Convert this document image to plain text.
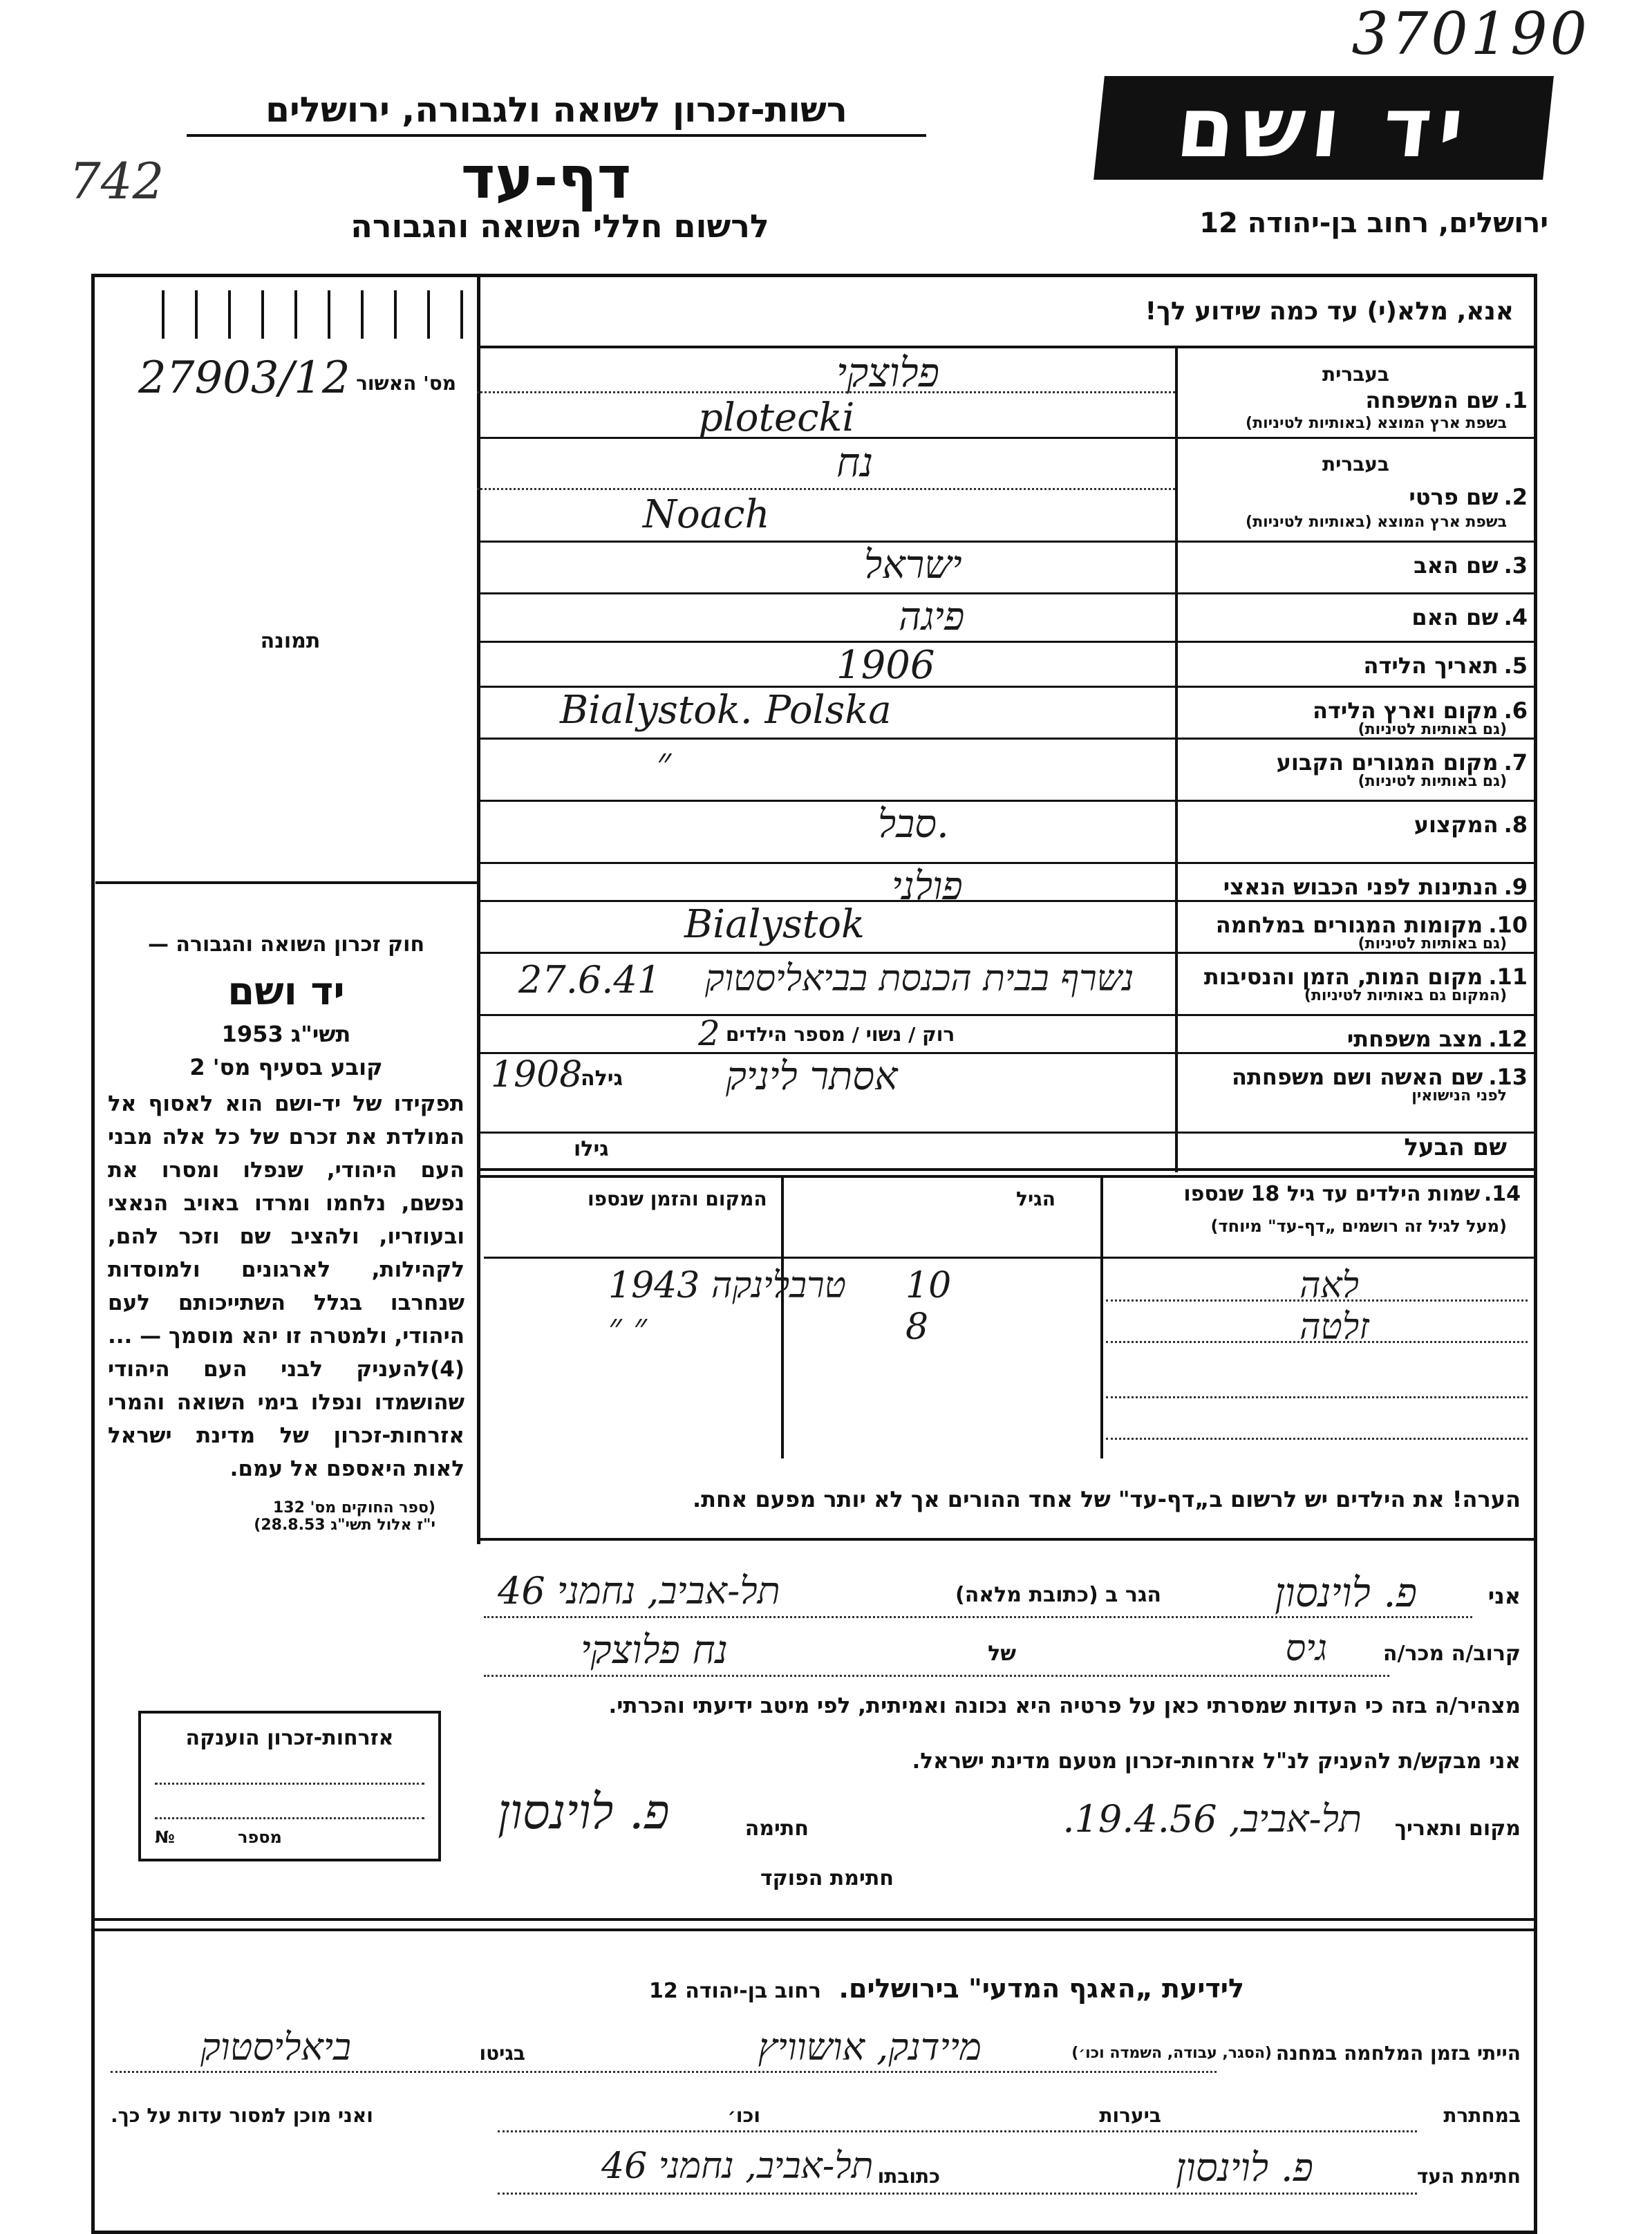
370190
742
רשות-זכרון לשואה ולגבורה, ירושלים
דף-עד
לרשום חללי השואה והגבורה
יד ושם
ירושלים, רחוב בן-יהודה 12
אנא, מלא(י) עד כמה שידוע לך!
מס' האשור
27903/12
תמונה
חוק זכרון השואה והגבורה —
יד ושם
תשי"ג 1953
קובע בסעיף מס' 2
תפקידו של יד-ושם הוא לאסוף אל המולדת את זכרם של כל אלה מבני העם היהודי, שנפלו ומסרו את נפשם, נלחמו ומרדו באויב הנאצי ובעוזריו, ולהציב שם וזכר להם, לקהילות, לארגונים ולמוסדות שנחרבו בגלל השתייכותם לעם היהודי, ולמטרה זו יהא מוסמך — ...(4)להעניק לבני העם היהודי שהושמדו ונפלו בימי השואה והמרי אזרחות-זכרון של מדינת ישראל לאות היאספם אל עמם.
(ספר החוקים מס' 132
י"ז אלול תשי"ג 28.8.53)
בעברית
1.שם המשפחה
בשפת ארץ המוצא (באותיות לטיניות)
פלוצקי
plotecki
בעברית
2.שם פרטי
בשפת ארץ המוצא (באותיות לטיניות)
נח
Noach
3.שם האב
ישראל
4.שם האם
פיגה
5.תאריך הלידה
1906
6.מקום וארץ הלידה
(גם באותיות לטיניות)
Bialystok. Polska
7.מקום המגורים הקבוע
(גם באותיות לטיניות)
״
8.המקצוע
סבל.
9.הנתינות לפני הכבוש הנאצי
פולני
10.מקומות המגורים במלחמה
(גם באותיות לטיניות)
Bialystok
11.מקום המות, הזמן והנסיבות
(המקום גם באותיות לטיניות)
27.6.41 נשרף בבית הכנסת בביאליסטוק
12.מצב משפחתי
רוק / נשוי / מספר הילדים
2
13.שם האשה ושם משפחתה
לפני הנישואין
1908
גילה	אסתר ליניק
שם הבעל
גילו
14. שמות הילדים עד גיל 18 שנספו
(מעל לגיל זה רושמים „דף-עד" מיוחד)
הגיל
המקום והזמן שנספו
לאה
10
טרבלינקה 1943
זלטה
8
״ ״
הערה! את הילדים יש לרשום ב„דף-עד" של אחד ההורים אך לא יותר מפעם אחת.
אני
פ. לוינסון
הגר ב (כתובת מלאה)
תל-אביב, נחמני 46
קרוב/ה מכר/ה
גיס
של
נח פלוצקי
מצהיר/ה בזה כי העדות שמסרתי כאן על פרטיה היא נכונה ואמיתית, לפי מיטב ידיעתי והכרתי.
אני מבקש/ת להעניק לנ"ל אזרחות-זכרון מטעם מדינת ישראל.
מקום ותאריך
תל-אביב, 19.4.56.
חתימה
פ. לוינסון
חתימת הפוקד
אזרחות-זכרון הוענקה
מספר
№
לידיעת „האגף המדעי" בירושלים. רחוב בן-יהודה 12
הייתי בזמן המלחמה במחנה
(הסגר, עבודה, השמדה וכו׳)
מיידנק, אושוויץ
בגיטו
ביאליסטוק
במחתרת
ביערות
וכו׳
ואני מוכן למסור עדות על כך.
חתימת העד
פ. לוינסון
כתובתו
תל-אביב, נחמני 46
